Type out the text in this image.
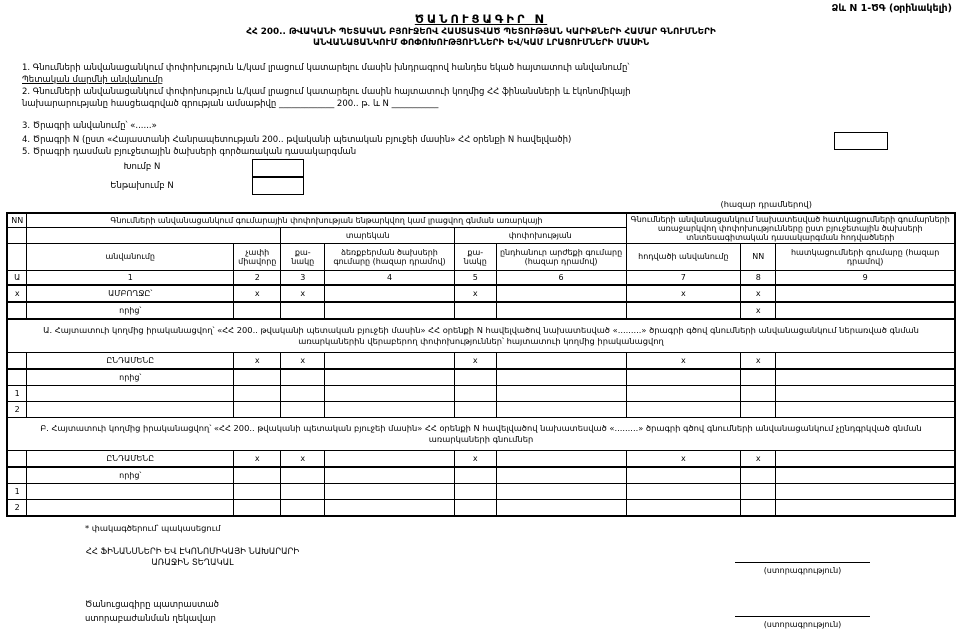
Ձև N 1-ԾԳ (օրինակելի)
ԾԱՆՈՒՑԱԳԻՐ N
ՀՀ 200.. ԹՎԱԿԱՆԻ ՊԵՏԱԿԱՆ ԲՅՈՒՋԵՈՎ ՀԱՍՏԱՏՎԱԾ ՊԵՏՈՒԹՅԱՆ ԿԱՐԻՔՆԵՐԻ ՀԱՄԱՐ ԳՆՈՒՄՆԵՐԻ
ԱՆՎԱՆԱՑԱՆԿՈՒՄ ՓՈՓՈԽՈՒԹՅՈՒՆՆԵՐԻ ԵՎ/ԿԱՄ ԼՐԱՑՈՒՄՆԵՐԻ ՄԱՍԻՆ
1. Գնումների անվանացանկում փոփոխություն և/կամ լրացում կատարելու մասին խնդրագրով հանդես եկած հայտատուի անվանումը՝
Պետական մարմնի անվանումը
2. Գնումների անվանացանկում փոփոխություն և/կամ լրացում կատարելու մասին հայտատուի կողմից ՀՀ ֆինանսների և էկոնոմիկայի
նախարարությանը հասցեագրված գրության ամսաթիվը _____________ 200.. թ. և N ___________
3. Ծրագրի անվանումը՝ «......»
4. Ծրագրի N (ըստ «Հայաստանի Հանրապետության 200.. թվականի պետական բյուջեի մասին» ՀՀ օրենքի N հավելվածի)
5. Ծրագրի դասման բյուջետային ծախսերի գործառական դասակարգման
Խումբ N
Ենթախումբ N
(հազար դրամներով)
NN	Գնումների անվանացանկում գումարային փոփոխության ենթարկվող կամ լրացվող գնման առարկայի						Գնումների անվանացանկում նախատեսված հատկացումների գումարների առաջարկվող փոփոխությունները ըստ բյուջետային ծախսերի տնտեսագիտական դասակարգման հոդվածների		
			տարեկան		փոփոխության				
	անվանումը	չափի միավորը	քա-նակը	ձեռքբերման ծախսերի գումարը (հազար դրամով)	քա-նակը	ընդհանուր արժեքի գումարը (հազար դրամով)	հոդվածի անվանումը	NN	հատկացումների գումարը (հազար դրամով)
Ա	1	2	3	4	5	6	7	8	9
x	ԱՄԲՈՂՋԸ՝	x	x		x		x	x	
	որից՝							x	
Ա. Հայտատուի կողմից իրականացվող՝ «ՀՀ 200.. թվականի պետական բյուջեի մասին» ՀՀ օրենքի N հավելվածով նախատեսված «.........» ծրագրի գծով գնումների անվանացանկում ներառված գնման առարկաներին վերաբերող փոփոխություններ՝ հայտատուի կողմից իրականացվող									
	ԸՆԴԱՄԵՆԸ	x	x		x		x	x	
	որից՝								
1									
2									
Բ. Հայտատուի կողմից իրականացվող՝ «ՀՀ 200.. թվականի պետական բյուջեի մասին» ՀՀ օրենքի N հավելվածով նախատեսված «.........» ծրագրի գծով գնումների անվանացանկում չընդգրկված գնման առարկաների գնումներ									
	ԸՆԴԱՄԵՆԸ	x	x		x		x	x	
	որից՝								
1									
2									
* փակագծերում՝ պակասեցում
ՀՀ ՖԻՆԱՆՍՆԵՐԻ ԵՎ ԷԿՈՆՈՄԻԿԱՅԻ ՆԱԽԱՐԱՐԻ
ԱՌԱՋԻՆ ՏԵՂԱԿԱԼ
(ստորագրություն)
Ծանուցագիրը պատրաստած
ստորաբաժանման ղեկավար
(ստորագրություն)
